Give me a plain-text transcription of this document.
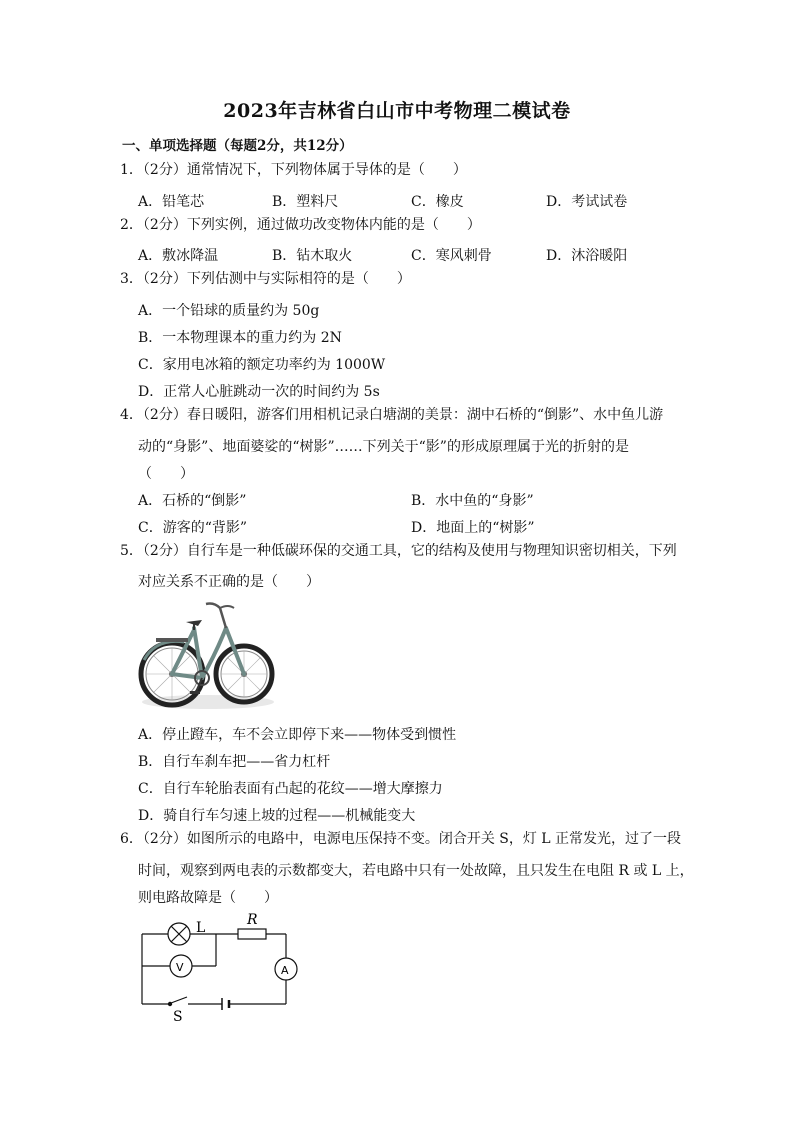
2023年吉林省白山市中考物理二模试卷
一、单项选择题（每题2分，共12分）
1．（2分）通常情况下，下列物体属于导体的是（　　）
A．铅笔芯	B．塑料尺	C．橡皮	D．考试试卷
2．（2分）下列实例，通过做功改变物体内能的是（　　）
A．敷冰降温	B．钻木取火	C．寒风刺骨	D．沐浴暖阳
3．（2分）下列估测中与实际相符的是（　　）
A．一个铅球的质量约为 50g
B．一本物理课本的重力约为 2N
C．家用电冰箱的额定功率约为 1000W
D．正常人心脏跳动一次的时间约为 5s
4．（2分）春日暖阳，游客们用相机记录白塘湖的美景：湖中石桥的“倒影”、水中鱼儿游
动的“身影”、地面婆娑的“树影”……下列关于“影”的形成原理属于光的折射的是
（　　）
A．石桥的“倒影”	B．水中鱼的“身影”
C．游客的“背影”	D．地面上的“树影”
5．（2分）自行车是一种低碳环保的交通工具，它的结构及使用与物理知识密切相关，下列
对应关系不正确的是（　　）
A．停止蹬车，车不会立即停下来——物体受到惯性
B．自行车刹车把——省力杠杆
C．自行车轮胎表面有凸起的花纹——增大摩擦力
D．骑自行车匀速上坡的过程——机械能变大
6．（2分）如图所示的电路中，电源电压保持不变。闭合开关 S，灯 L 正常发光，过了一段
时间，观察到两电表的示数都变大，若电路中只有一处故障，且只发生在电阻 R 或 L 上，
则电路故障是（　　）
L	R
V	A
S
